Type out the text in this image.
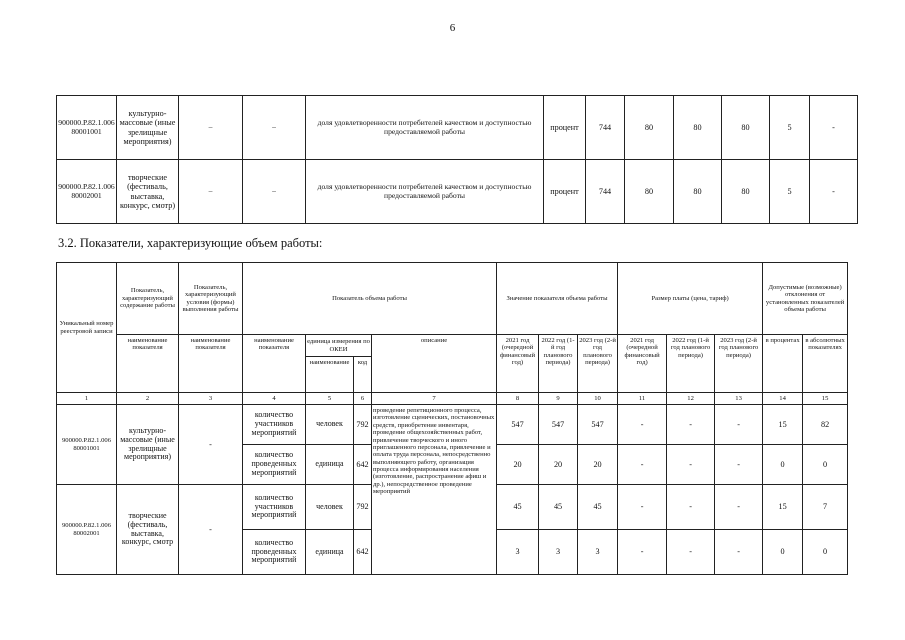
6
900000.Р.82.1.006 80001001	культурно-массовые (иные зрелищные мероприятия)	–	–	доля удовлетворенности потребителей качеством и доступностью предоставляемой работы	процент	744	80	80	80	5	-
900000.Р.82.1.006 80002001	творческие (фестиваль, выставка, конкурс, смотр)	–	–	доля удовлетворенности потребителей качеством и доступностью предоставляемой работы	процент	744	80	80	80	5	-
3.2. Показатели, характеризующие объем работы:
Уникальный номер реестровой записи	Показатель, характеризующий содержание работы	Показатель, характеризующий условия (формы) выполнения работы	Показатель объема работы				Значение показателя объема работы			Размер платы (цена, тариф)			Допустимые (возможные) отклонения от установленных показателей объема работы	
	наименование показателя	наименование показателя	наименование показателя	единица измерения по ОКЕИ		описание	2021 год (очередной финансовый год)	2022 год (1-й год планового периода)	2023 год (2-й год планового периода)	2021 год (очередной финансовый год)	2022 год (1-й год планового периода)	2023 год (2-й год планового периода)	в процентах	в абсолютных показателях
				наименование	код									
1	2	3	4	5	6	7	8	9	10	11	12	13	14	15
900000.Р.82.1.006 80001001	культурно-массовые (иные зрелищные мероприятия)	-	количество участников мероприятий	человек	792	проведение репетиционного процесса, изготовление сценических, постановочных средств, приобретение инвентаря, проведение общехозяйственных работ, привлечение творческого и иного приглашенного персонала, привлечение и оплата труда персонала, непосредственно выполняющего работу, организация процесса информирования населения (изготовление, распространение афиш и др.), непосредственное проведение мероприятий	547	547	547	-	-	-	15	82
			количество проведенных мероприятий	единица	642		20	20	20	-	-	-	0	0
900000.Р.82.1.006 80002001	творческие (фестиваль, выставка, конкурс, смотр	-	количество участников мероприятий	человек	792		45	45	45	-	-	-	15	7
			количество проведенных мероприятий	единица	642		3	3	3	-	-	-	0	0
